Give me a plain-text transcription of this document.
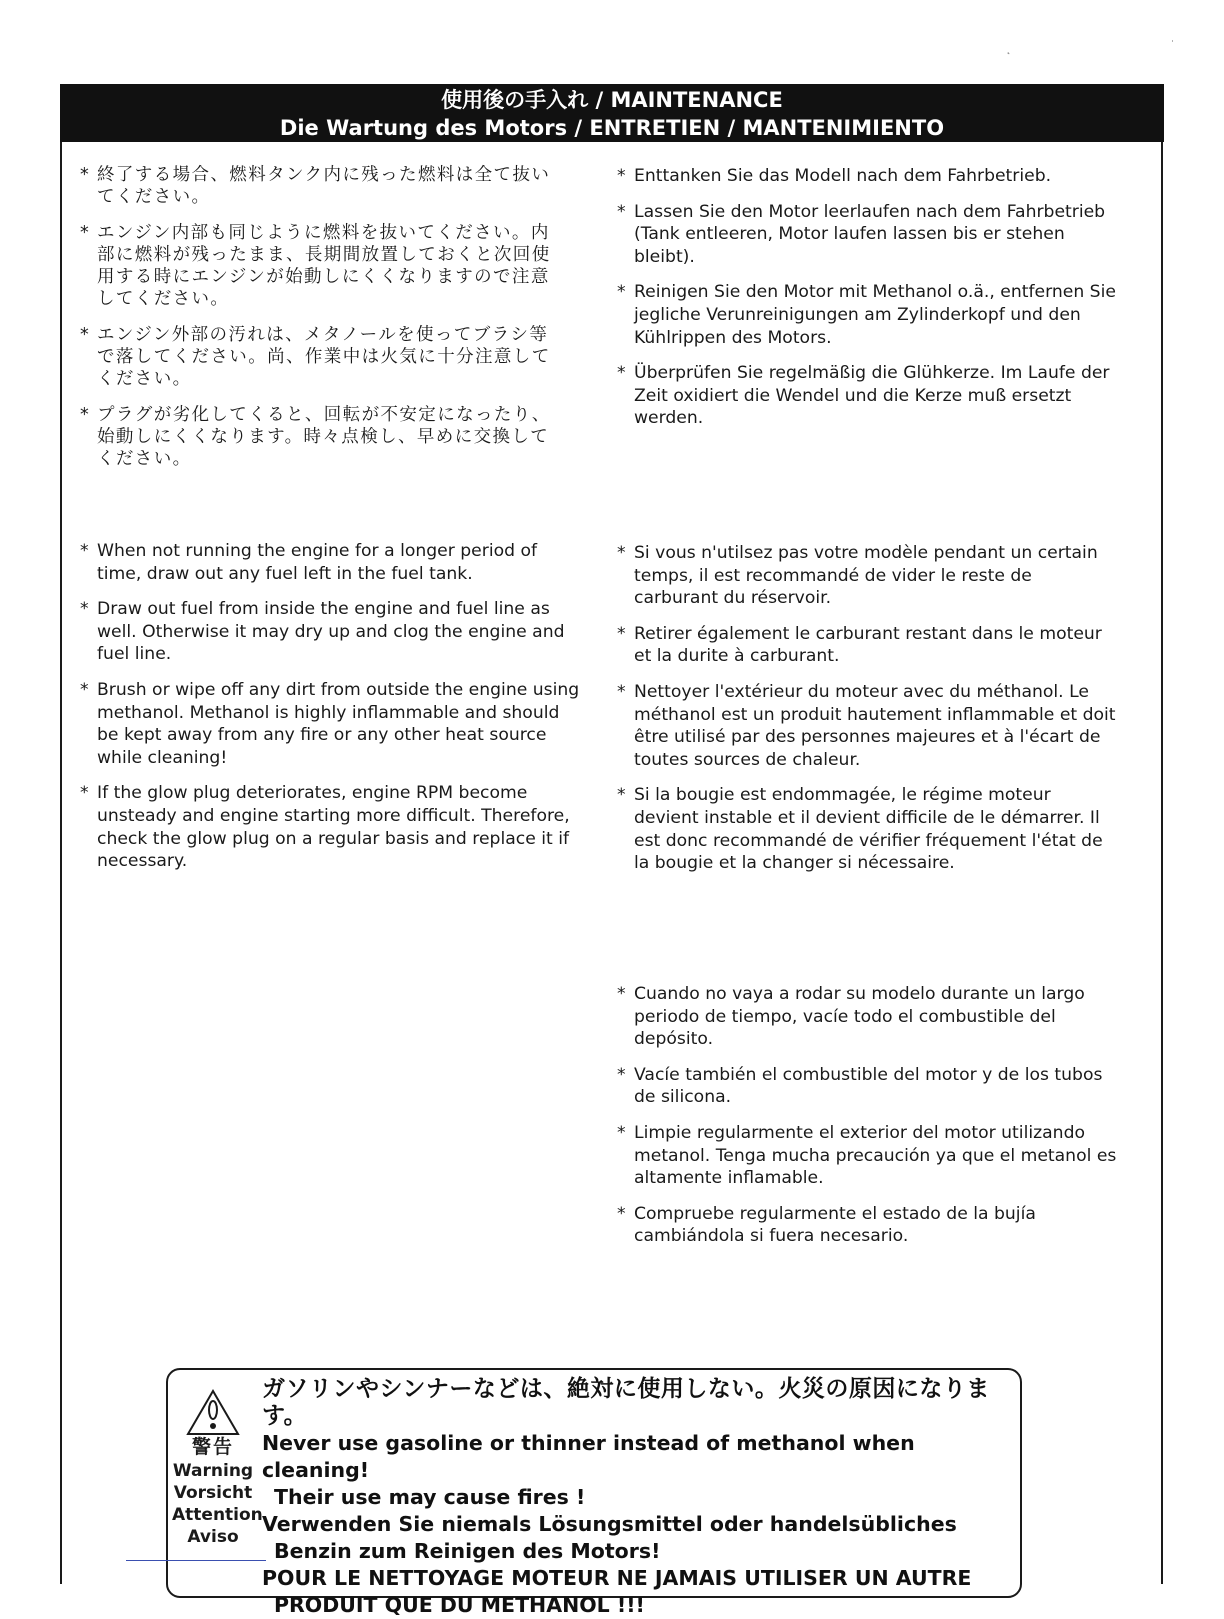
˛	˙
使用後の手入れ / MAINTENANCE
Die Wartung des Motors / ENTRETIEN / MANTENIMIENTO
* 終了する場合、燃料タンク内に残った燃料は全て抜いてください。
* エンジン内部も同じように燃料を抜いてください。内部に燃料が残ったまま、長期間放置しておくと次回使用する時にエンジンが始動しにくくなりますので注意してください。
* エンジン外部の汚れは、メタノールを使ってブラシ等で落してください。尚、作業中は火気に十分注意してください。
* プラグが劣化してくると、回転が不安定になったり、始動しにくくなります。時々点検し、早めに交換してください。
* Enttanken Sie das Modell nach dem Fahrbetrieb.
* Lassen Sie den Motor leerlaufen nach dem Fahrbetrieb (Tank entleeren, Motor laufen lassen bis er stehen bleibt).
* Reinigen Sie den Motor mit Methanol o.ä., entfernen Sie jegliche Verunreinigungen am Zylinderkopf und den Kühlrippen des Motors.
* Überprüfen Sie regelmäßig die Glühkerze. Im Laufe der Zeit oxidiert die Wendel und die Kerze muß ersetzt werden.
* When not running the engine for a longer period of time, draw out any fuel left in the fuel tank.
* Draw out fuel from inside the engine and fuel line as well. Otherwise it may dry up and clog the engine and fuel line.
* Brush or wipe off any dirt from outside the engine using methanol. Methanol is highly inflammable and should be kept away from any fire or any other heat source while cleaning!
* If the glow plug deteriorates, engine RPM become unsteady and engine starting more difficult. Therefore, check the glow plug on a regular basis and replace it if necessary.
* Si vous n'utilsez pas votre modèle pendant un certain temps, il est recommandé de vider le reste de carburant du réservoir.
* Retirer également le carburant restant dans le moteur et la durite à carburant.
* Nettoyer l'extérieur du moteur avec du méthanol. Le méthanol est un produit hautement inflammable et doit être utilisé par des personnes majeures et à l'écart de toutes sources de chaleur.
* Si la bougie est endommagée, le régime moteur devient instable et il devient difficile de le démarrer. Il est donc recommandé de vérifier fréquement l'état de la bougie et la changer si nécessaire.
* Cuando no vaya a rodar su modelo durante un largo periodo de tiempo, vacíe todo el combustible del depósito.
* Vacíe también el combustible del motor y de los tubos de silicona.
* Limpie regularmente el exterior del motor utilizando metanol. Tenga mucha precaución ya que el metanol es altamente inflamable.
* Compruebe regularmente el estado de la bujía cambiándola si fuera necesario.
警告
Warning
Vorsicht
Attention
Aviso
ガソリンやシンナーなどは、絶対に使用しない。火災の原因になります。
Never use gasoline or thinner instead of methanol when cleaning!
Their use may cause fires !
Verwenden Sie niemals Lösungsmittel oder handelsübliches
Benzin zum Reinigen des Motors!
POUR LE NETTOYAGE MOTEUR NE JAMAIS UTILISER UN AUTRE
PRODUIT QUE DU METHANOL !!!
